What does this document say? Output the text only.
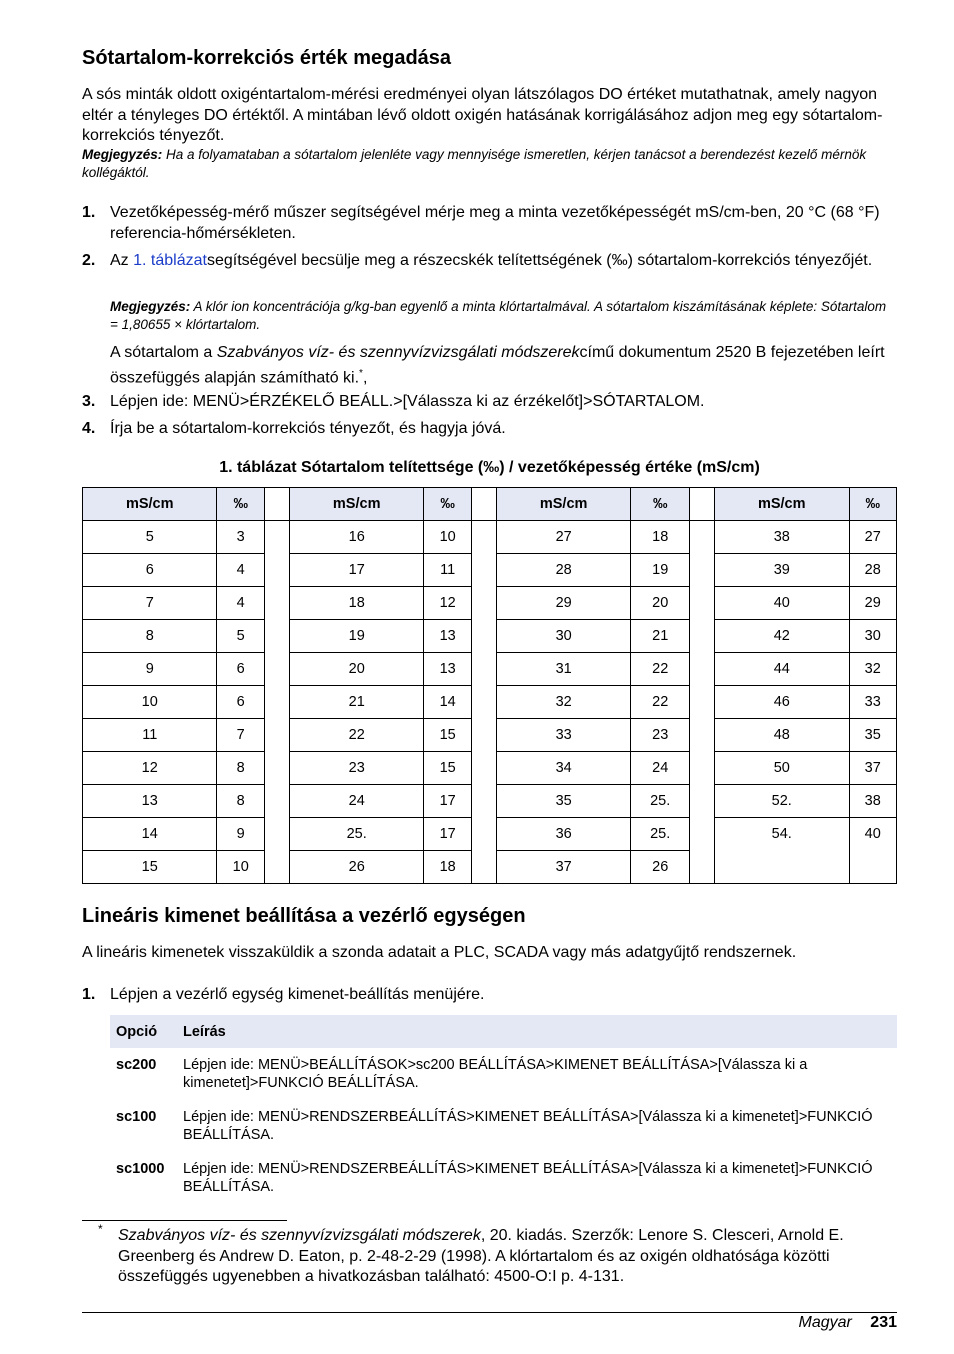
Sótartalom-korrekciós érték megadása

A sós minták oldott oxigéntartalom-mérési eredményei olyan látszólagos DO értéket mutathatnak, amely nagyon eltér a tényleges DO értéktől. A mintában lévő oldott oxigén hatásának korrigálásához adjon meg egy sótartalom-korrekciós tényezőt.

Megjegyzés: Ha a folyamataban a sótartalom jelenléte vagy mennyisége ismeretlen, kérjen tanácsot a berendezést kezelő mérnök kollégáktól.

1. Vezetőképesség-mérő műszer segítségével mérje meg a minta vezetőképességét mS/cm-ben, 20 °C (68 °F) referencia-hőmérsékleten.
2. Az 1. táblázatsegítségével becsülje meg a részecskék telítettségének (‰) sótartalom-korrekciós tényezőjét.

Megjegyzés: A klór ion koncentrációja g/kg-ban egyenlő a minta klórtartalmával. A sótartalom kiszámításának képlete: Sótartalom = 1,80655 × klórtartalom.

A sótartalom a Szabványos víz- és szennyvízvizsgálati módszerekcímű dokumentum 2520 B fejezetében leírt összefüggés alapján számítható ki.*,

3. Lépjen ide: MENÜ>ÉRZÉKELŐ BEÁLL.>[Válassza ki az érzékelőt]>SÓTARTALOM.
4. Írja be a sótartalom-korrekciós tényezőt, és hagyja jóvá.
1. táblázat Sótartalom telítettsége (‰) / vezetőképesség értéke (mS/cm)
mS/cm	‰		mS/cm	‰		mS/cm	‰		mS/cm	‰
5	3		16	10		27	18		38	27
6	4		17	11		28	19		39	28
7	4		18	12		29	20		40	29
8	5		19	13		30	21		42	30
9	6		20	13		31	22		44	32
10	6		21	14		32	22		46	33
11	7		22	15		33	23		48	35
12	8		23	15		34	24		50	37
13	8		24	17		35	25.		52.	38
14	9		25.	17		36	25.		54.	40
15	10		26	18		37	26			
Lineáris kimenet beállítása a vezérlő egységen

A lineáris kimenetek visszaküldik a szonda adatait a PLC, SCADA vagy más adatgyűjtő rendszernek.

1. Lépjen a vezérlő egység kimenet-beállítás menüjére.
Opció	Leírás
sc200	Lépjen ide: MENÜ>BEÁLLÍTÁSOK>sc200 BEÁLLÍTÁSA>KIMENET BEÁLLÍTÁSA>[Válassza ki a kimenetet]>FUNKCIÓ BEÁLLÍTÁSA.
sc100	Lépjen ide: MENÜ>RENDSZERBEÁLLÍTÁS>KIMENET BEÁLLÍTÁSA>[Válassza ki a kimenetet]>FUNKCIÓ BEÁLLÍTÁSA.
sc1000	Lépjen ide: MENÜ>RENDSZERBEÁLLÍTÁS>KIMENET BEÁLLÍTÁSA>[Válassza ki a kimenetet]>FUNKCIÓ BEÁLLÍTÁSA.
* Szabványos víz- és szennyvízvizsgálati módszerek, 20. kiadás. Szerzők: Lenore S. Clesceri, Arnold E. Greenberg és Andrew D. Eaton, p. 2-48-2-29 (1998). A klórtartalom és az oxigén oldhatósága közötti összefüggés ugyenebben a hivatkozásban található: 4500-O:I p. 4-131.

Magyar 231
